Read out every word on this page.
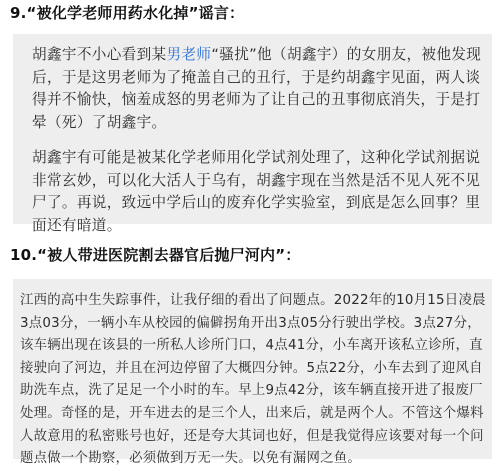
9.“被化学老师用药水化掉”谣言：

胡鑫宇不小心看到某男老师“骚扰”他（胡鑫宇）的女朋友，被他发现后，于是这男老师为了掩盖自己的丑行，于是约胡鑫宇见面，两人谈得并不愉快，恼羞成怒的男老师为了让自己的丑事彻底消失，于是打晕（死）了胡鑫宇。

胡鑫宇有可能是被某化学老师用化学试剂处理了，这种化学试剂据说非常玄妙，可以化大活人于乌有，胡鑫宇现在当然是活不见人死不见尸了。再说，致远中学后山的废弃化学实验室，到底是怎么回事？里面还有暗道。

10.“被人带进医院割去器官后抛尸河内”：

江西的高中生失踪事件，让我仔细的看出了问题点。2022年的10月15日凌晨3点03分，一辆小车从校园的偏僻拐角开出3点05分行驶出学校。3点27分，该车辆出现在该县的一所私人诊所门口，4点41分，小车离开该私立诊所，直接驶向了河边，并且在河边停留了大概四分钟。5点22分，小车去到了迎风自助洗车点，洗了足足一个小时的车。早上9点42分，该车辆直接开进了报废厂处理。奇怪的是，开车进去的是三个人，出来后，就是两个人。不管这个爆料人故意用的私密账号也好，还是夸大其词也好，但是我觉得应该要对每一个问题点做一个勘察，必须做到万无一失。以免有漏网之鱼。
